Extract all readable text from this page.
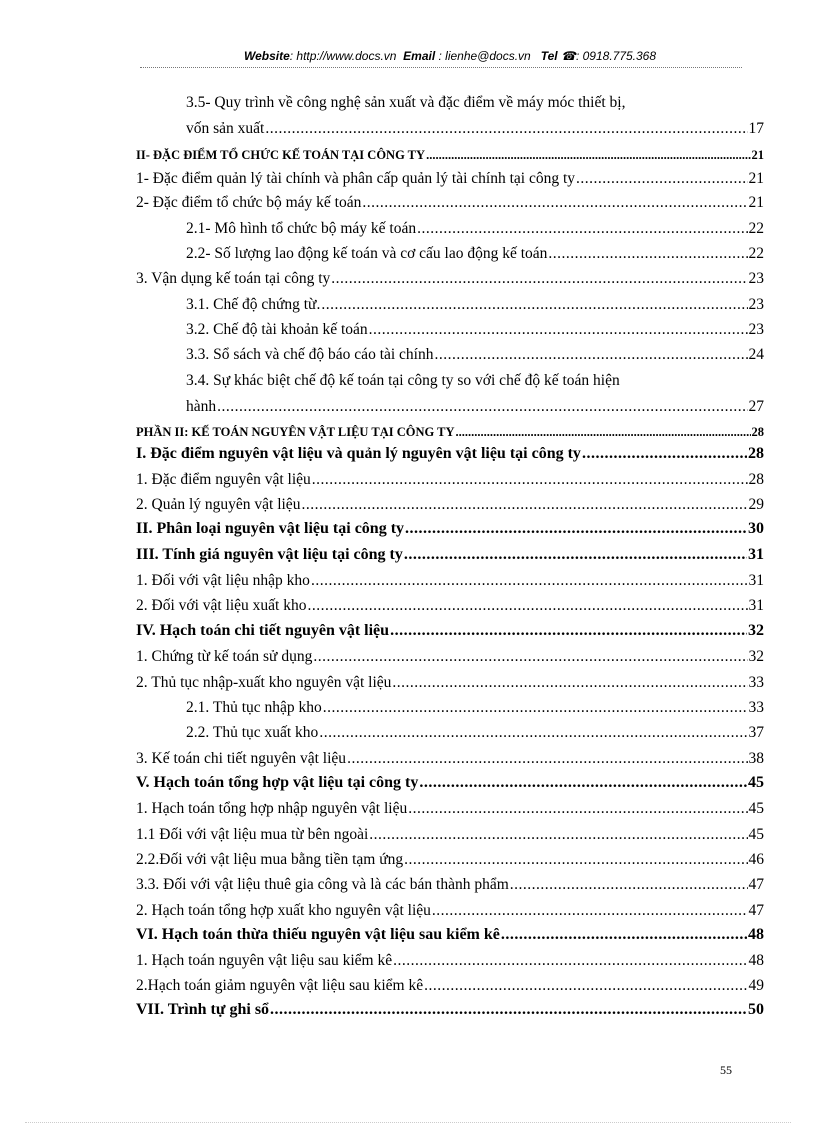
Website: http://www.docs.vn Email : lienhe@docs.vn Tel ☎: 0918.775.368
3.5- Quy trình về công nghệ sản xuất và đặc điểm về máy móc thiết bị,
vốn sản xuất .....	17
II- ĐẶC ĐIỂM TỔ CHỨC KẾ TOÁN TẠI CÔNG TY .....	21
1- Đặc điểm quản lý tài chính và phân cấp quản lý tài chính tại công ty .....	21
2- Đặc điểm tổ chức bộ máy kế toán .....	21
2.1- Mô hình tổ chức bộ máy kế toán .....	22
2.2- Số lượng lao động kế toán và cơ cấu lao động kế toán .....	22
3. Vận dụng kế toán tại công ty .....	23
3.1. Chế độ chứng từ. .....	23
3.2. Chế độ tài khoản kế toán .....	23
3.3. Sổ sách và chế độ báo cáo tài chính .....	24
3.4. Sự khác biệt chế độ kế toán tại công ty so với chế độ kế toán hiện
hành .....	27
PHẦN II: KẾ TOÁN NGUYÊN VẬT LIỆU TẠI CÔNG TY .....	28
I. Đặc điểm nguyên vật liệu và quản lý nguyên vật liệu tại công ty .....	28
1. Đặc điểm nguyên vật liệu .....	28
2. Quản lý nguyên vật liệu .....	29
II. Phân loại nguyên vật liệu tại công ty .....	30
III. Tính giá nguyên vật liệu tại công ty .....	31
1. Đối với vật liệu nhập kho .....	31
2. Đối với vật liệu xuất kho .....	31
IV. Hạch toán chi tiết nguyên vật liệu .....	32
1. Chứng từ kế toán sử dụng .....	32
2. Thủ tục nhập-xuất kho nguyên vật liệu .....	33
2.1. Thủ tục nhập kho .....	33
2.2. Thủ tục xuất kho .....	37
3. Kế toán chi tiết nguyên vật liệu .....	38
V. Hạch toán tổng hợp vật liệu tại công ty .....	45
1. Hạch toán tổng hợp nhập nguyên vật liệu .....	45
1.1 Đối với vật liệu mua từ bên ngoài .....	45
2.2.Đối với vật liệu mua bằng tiền tạm ứng .....	46
3.3. Đối với vật liệu thuê gia công và là các bán thành phẩm .....	47
2. Hạch toán tổng hợp xuất kho nguyên vật liệu .....	47
VI. Hạch toán thừa thiếu nguyên vật liệu sau kiểm kê .....	48
1. Hạch toán nguyên vật liệu sau kiểm kê .....	48
2.Hạch toán giảm nguyên vật liệu sau kiểm kê .....	49
VII. Trình tự ghi sổ .....	50
55
